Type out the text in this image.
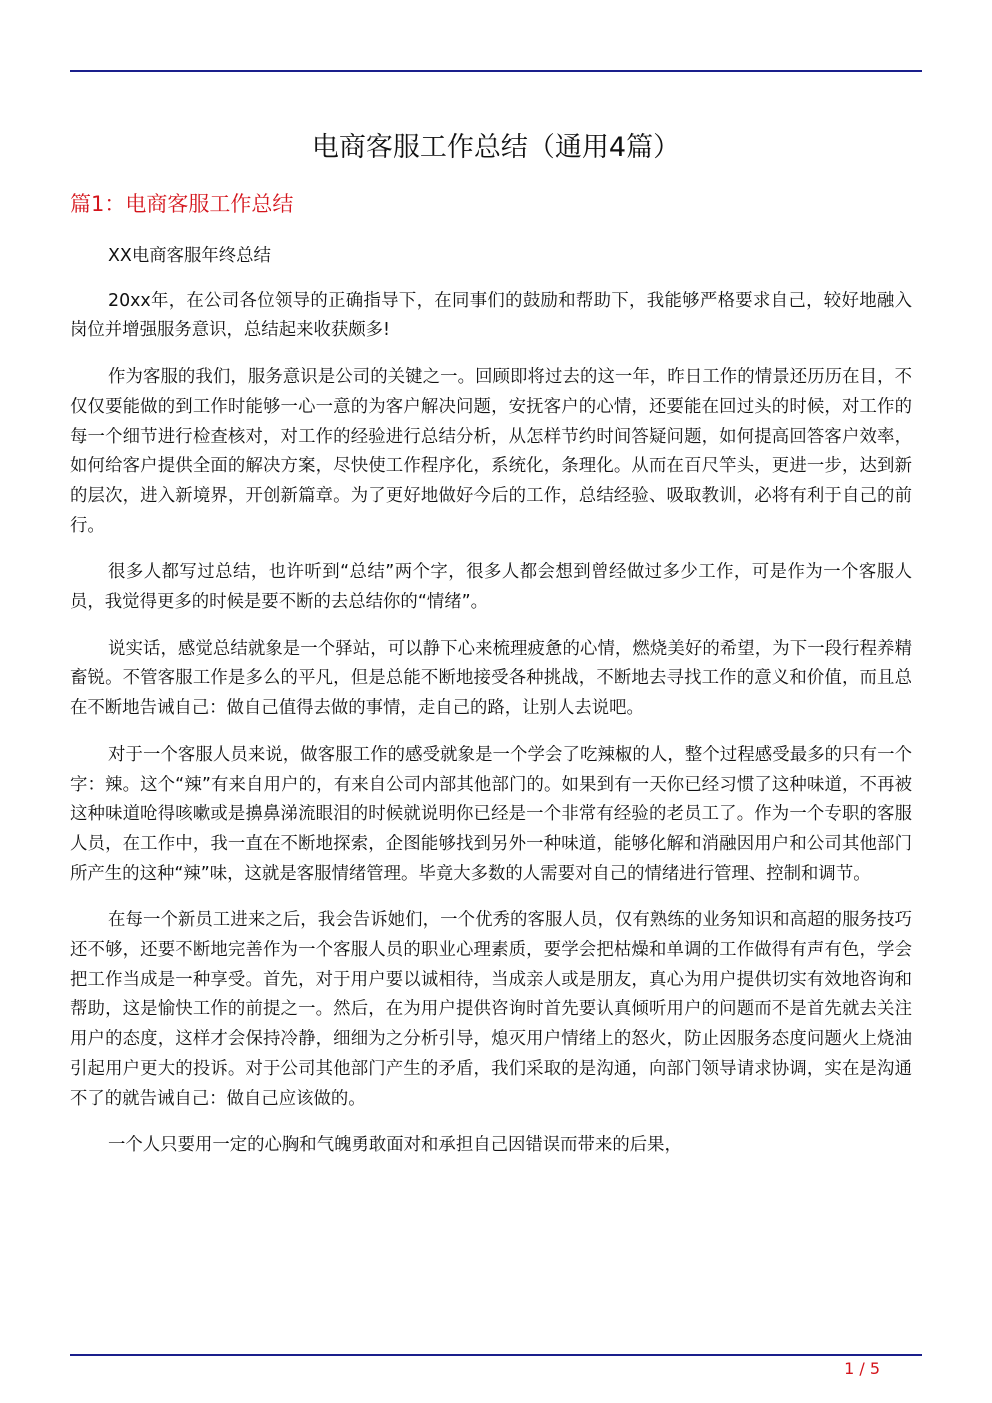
电商客服工作总结（通用4篇）
篇1：电商客服工作总结

XX电商客服年终总结

20xx年，在公司各位领导的正确指导下，在同事们的鼓励和帮助下，我能够严格要求自己，较好地融入岗位并增强服务意识，总结起来收获颇多!

作为客服的我们，服务意识是公司的关键之一。回顾即将过去的这一年，昨日工作的情景还历历在目，不仅仅要能做的到工作时能够一心一意的为客户解决问题，安抚客户的心情，还要能在回过头的时候，对工作的每一个细节进行检查核对，对工作的经验进行总结分析，从怎样节约时间答疑问题，如何提高回答客户效率，如何给客户提供全面的解决方案，尽快使工作程序化，系统化，条理化。从而在百尺竿头，更进一步，达到新的层次，进入新境界，开创新篇章。为了更好地做好今后的工作，总结经验、吸取教训，必将有利于自己的前行。

很多人都写过总结，也许听到“总结”两个字，很多人都会想到曾经做过多少工作，可是作为一个客服人员，我觉得更多的时候是要不断的去总结你的“情绪”。

说实话，感觉总结就象是一个驿站，可以静下心来梳理疲惫的心情，燃烧美好的希望，为下一段行程养精畜锐。不管客服工作是多么的平凡，但是总能不断地接受各种挑战，不断地去寻找工作的意义和价值，而且总在不断地告诫自己：做自己值得去做的事情，走自己的路，让别人去说吧。

对于一个客服人员来说，做客服工作的感受就象是一个学会了吃辣椒的人，整个过程感受最多的只有一个字：辣。这个“辣”有来自用户的，有来自公司内部其他部门的。如果到有一天你已经习惯了这种味道，不再被这种味道呛得咳嗽或是擤鼻涕流眼泪的时候就说明你已经是一个非常有经验的老员工了。作为一个专职的客服人员，在工作中，我一直在不断地探索，企图能够找到另外一种味道，能够化解和消融因用户和公司其他部门所产生的这种“辣”味，这就是客服情绪管理。毕竟大多数的人需要对自己的情绪进行管理、控制和调节。

在每一个新员工进来之后，我会告诉她们，一个优秀的客服人员，仅有熟练的业务知识和高超的服务技巧还不够，还要不断地完善作为一个客服人员的职业心理素质，要学会把枯燥和单调的工作做得有声有色，学会把工作当成是一种享受。首先，对于用户要以诚相待，当成亲人或是朋友，真心为用户提供切实有效地咨询和帮助，这是愉快工作的前提之一。然后，在为用户提供咨询时首先要认真倾听用户的问题而不是首先就去关注用户的态度，这样才会保持冷静，细细为之分析引导，熄灭用户情绪上的怒火，防止因服务态度问题火上烧油引起用户更大的投诉。对于公司其他部门产生的矛盾，我们采取的是沟通，向部门领导请求协调，实在是沟通不了的就告诫自己：做自己应该做的。

一个人只要用一定的心胸和气魄勇敢面对和承担自己因错误而带来的后果，

1 / 5
